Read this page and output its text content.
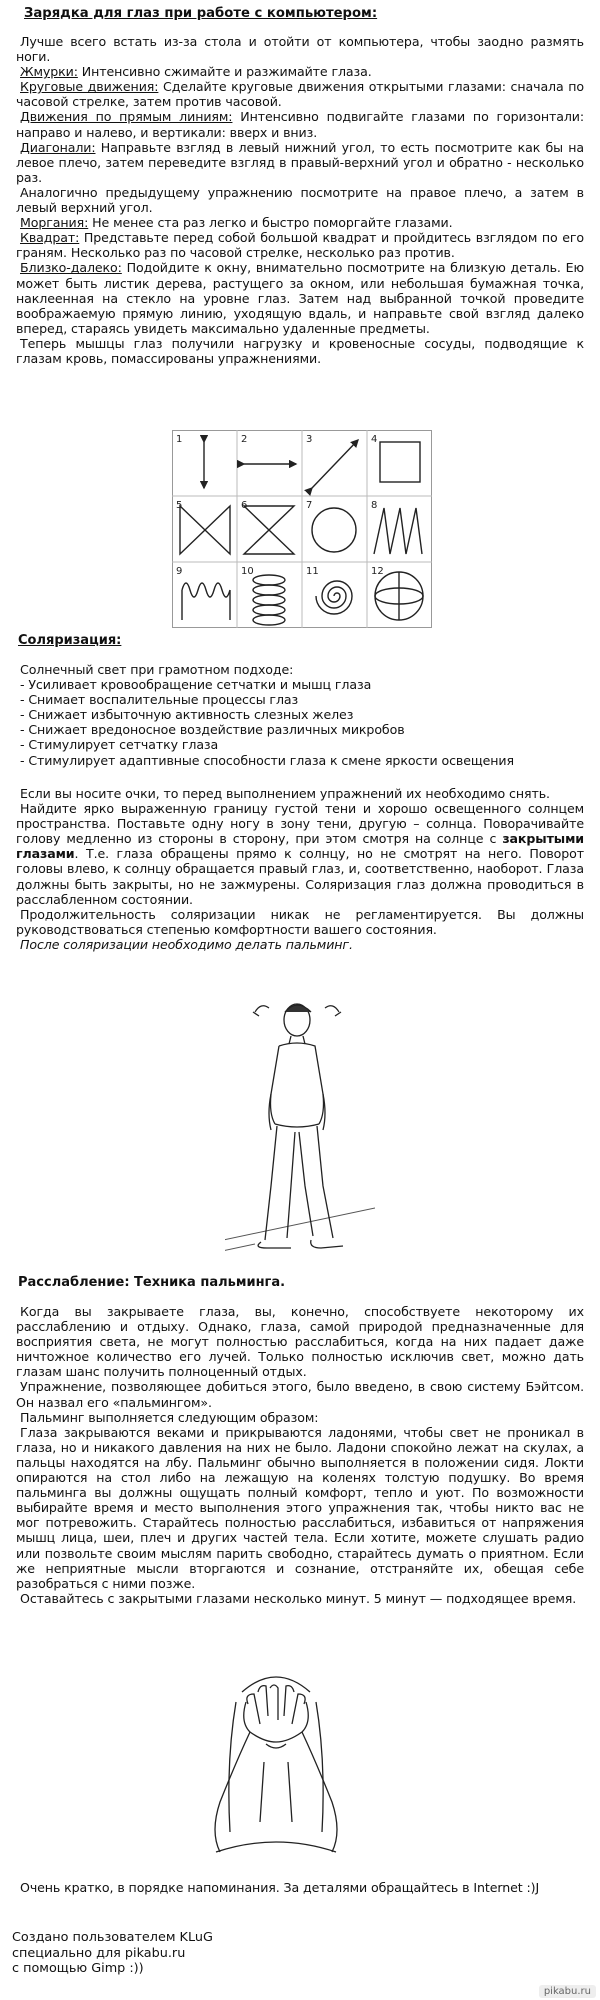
Зарядка для глаз при работе с компьютером:
Лучше всего встать из-за стола и отойти от компьютера, чтобы заодно размять ноги.
Жмурки: Интенсивно сжимайте и разжимайте глаза.
Круговые движения: Сделайте круговые движения открытыми глазами: сначала по часовой стрелке, затем против часовой.
Движения по прямым линиям: Интенсивно подвигайте глазами по горизонтали: направо и налево, и вертикали: вверх и вниз.
Диагонали: Направьте взгляд в левый нижний угол, то есть посмотрите как бы на левое плечо, затем переведите взгляд в правый-верхний угол и обратно - несколько раз.
Аналогично предыдущему упражнению посмотрите на правое плечо, а затем в левый верхний угол.
Моргания: Не менее ста раз легко и быстро поморгайте глазами.
Квадрат: Представьте перед собой большой квадрат и пройдитесь взглядом по его граням. Несколько раз по часовой стрелке, несколько раз против.
Близко-далеко: Подойдите к окну, внимательно посмотрите на близкую деталь. Ею может быть листик дерева, растущего за окном, или небольшая бумажная точка, наклеенная на стекло на уровне глаз. Затем над выбранной точкой проведите воображаемую прямую линию, уходящую вдаль, и направьте свой взгляд далеко вперед, стараясь увидеть максимально удаленные предметы.
Теперь мышцы глаз получили нагрузку и кровеносные сосуды, подводящие к глазам кровь, помассированы упражнениями.
1	2	3	4
5	6	7	8
9	10	11	12
Соляризация:
Солнечный свет при грамотном подходе:
- Усиливает кровообращение сетчатки и мышц глаза
- Снимает воспалительные процессы глаз
- Снижает избыточную активность слезных желез
- Снижает вредоносное воздействие различных микробов
- Стимулирует сетчатку глаза
- Стимулирует адаптивные способности глаза к смене яркости освещения
Если вы носите очки, то перед выполнением упражнений их необходимо снять.
Найдите ярко выраженную границу густой тени и хорошо освещенного солнцем пространства. Поставьте одну ногу в зону тени, другую – солнца. Поворачивайте голову медленно из стороны в сторону, при этом смотря на солнце с закрытыми глазами. Т.е. глаза обращены прямо к солнцу, но не смотрят на него. Поворот головы влево, к солнцу обращается правый глаз, и, соответственно, наоборот. Глаза должны быть закрыты, но не зажмурены. Соляризация глаз должна проводиться в расслабленном состоянии.
Продолжительность соляризации никак не регламентируется. Вы должны руководствоваться степенью комфортности вашего состояния.
После соляризации необходимо делать пальминг.
Расслабление: Техника пальминга.
Когда вы закрываете глаза, вы, конечно, способствуете некоторому их расслаблению и отдыху. Однако, глаза, самой природой предназначенные для восприятия света, не могут полностью расслабиться, когда на них падает даже ничтожное количество его лучей. Только полностью исключив свет, можно дать глазам шанс получить полноценный отдых.
Упражнение, позволяющее добиться этого, было введено, в свою систему Бэйтсом. Он назвал его «пальмингом».
Пальминг выполняется следующим образом:
Глаза закрываются веками и прикрываются ладонями, чтобы свет не проникал в глаза, но и никакого давления на них не было. Ладони спокойно лежат на скулах, а пальцы находятся на лбу. Пальминг обычно выполняется в положении сидя. Локти опираются на стол либо на лежащую на коленях толстую подушку. Во время пальминга вы должны ощущать полный комфорт, тепло и уют. По возможности выбирайте время и место выполнения этого упражнения так, чтобы никто вас не мог потревожить. Старайтесь полностью расслабиться, избавиться от напряжения мышц лица, шеи, плеч и других частей тела. Если хотите, можете слушать радио или позвольте своим мыслям парить свободно, старайтесь думать о приятном. Если же неприятные мысли вторгаются и сознание, отстраняйте их, обещая себе разобраться с ними позже.
Оставайтесь с закрытыми глазами несколько минут. 5 минут — подходящее время.
Очень кратко, в порядке напоминания. За деталями обращайтесь в Internet :)J
Создано пользователем KLuG
специально для pikabu.ru
с помощью Gimp :))
pikabu.ru
